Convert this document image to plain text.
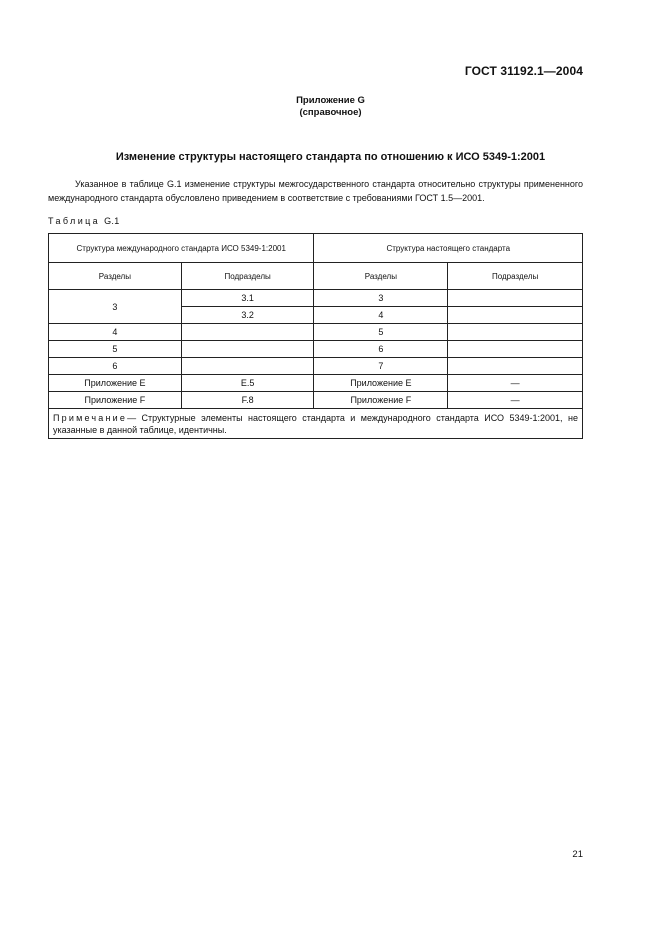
ГОСТ 31192.1—2004
Приложение G
(справочное)
Изменение структуры настоящего стандарта по отношению к ИСО 5349-1:2001
Указанное в таблице G.1 изменение структуры межгосударственного стандарта относительно структуры примененного международного стандарта обусловлено приведением в соответствие с требованиями ГОСТ 1.5—2001.
Таблица G.1
Структура международного стандарта ИСО 5349-1:2001		Структура настоящего стандарта	
Разделы	Подразделы	Разделы	Подразделы
3	3.1	3	
	3.2	4	
4		5	
5		6	
6		7	
Приложение E	E.5	Приложение E	—
Приложение F	F.8	Приложение F	—
Примечание— Структурные элементы настоящего стандарта и международного стандарта ИСО 5349-1:2001, не указанные в данной таблице, идентичны.			
21
